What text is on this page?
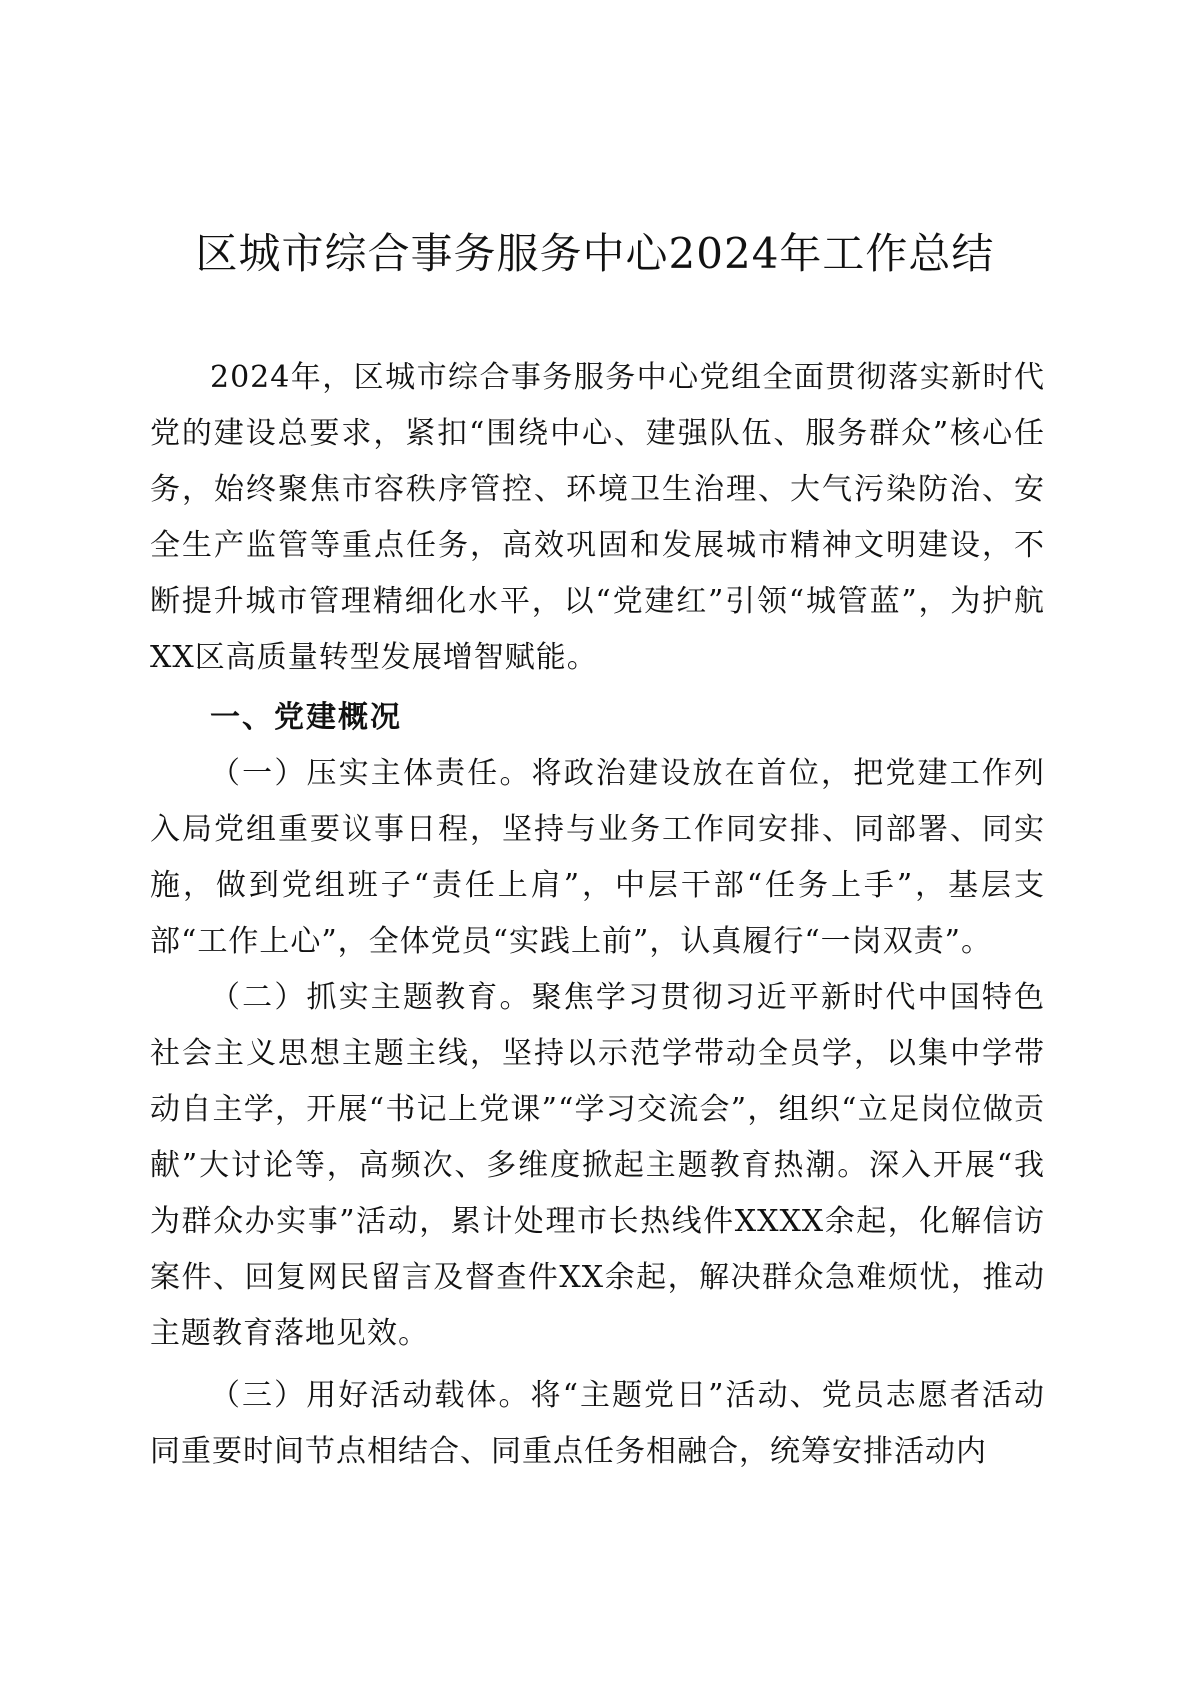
区城市综合事务服务中心2024年工作总结

2024年，区城市综合事务服务中心党组全面贯彻落实新时代党的建设总要求，紧扣“围绕中心、建强队伍、服务群众”核心任务，始终聚焦市容秩序管控、环境卫生治理、大气污染防治、安全生产监管等重点任务，高效巩固和发展城市精神文明建设，不断提升城市管理精细化水平，以“党建红”引领“城管蓝”，为护航XX区高质量转型发展增智赋能。

一、党建概况

（一）压实主体责任。将政治建设放在首位，把党建工作列入局党组重要议事日程，坚持与业务工作同安排、同部署、同实施，做到党组班子“责任上肩”，中层干部“任务上手”，基层支部“工作上心”，全体党员“实践上前”，认真履行“一岗双责”。

（二）抓实主题教育。聚焦学习贯彻习近平新时代中国特色社会主义思想主题主线，坚持以示范学带动全员学，以集中学带动自主学，开展“书记上党课”“学习交流会”，组织“立足岗位做贡献”大讨论等，高频次、多维度掀起主题教育热潮。深入开展“我为群众办实事”活动，累计处理市长热线件XXXX余起，化解信访案件、回复网民留言及督查件XX余起，解决群众急难烦忧，推动主题教育落地见效。

（三）用好活动载体。将“主题党日”活动、党员志愿者活动同重要时间节点相结合、同重点任务相融合，统筹安排活动内
